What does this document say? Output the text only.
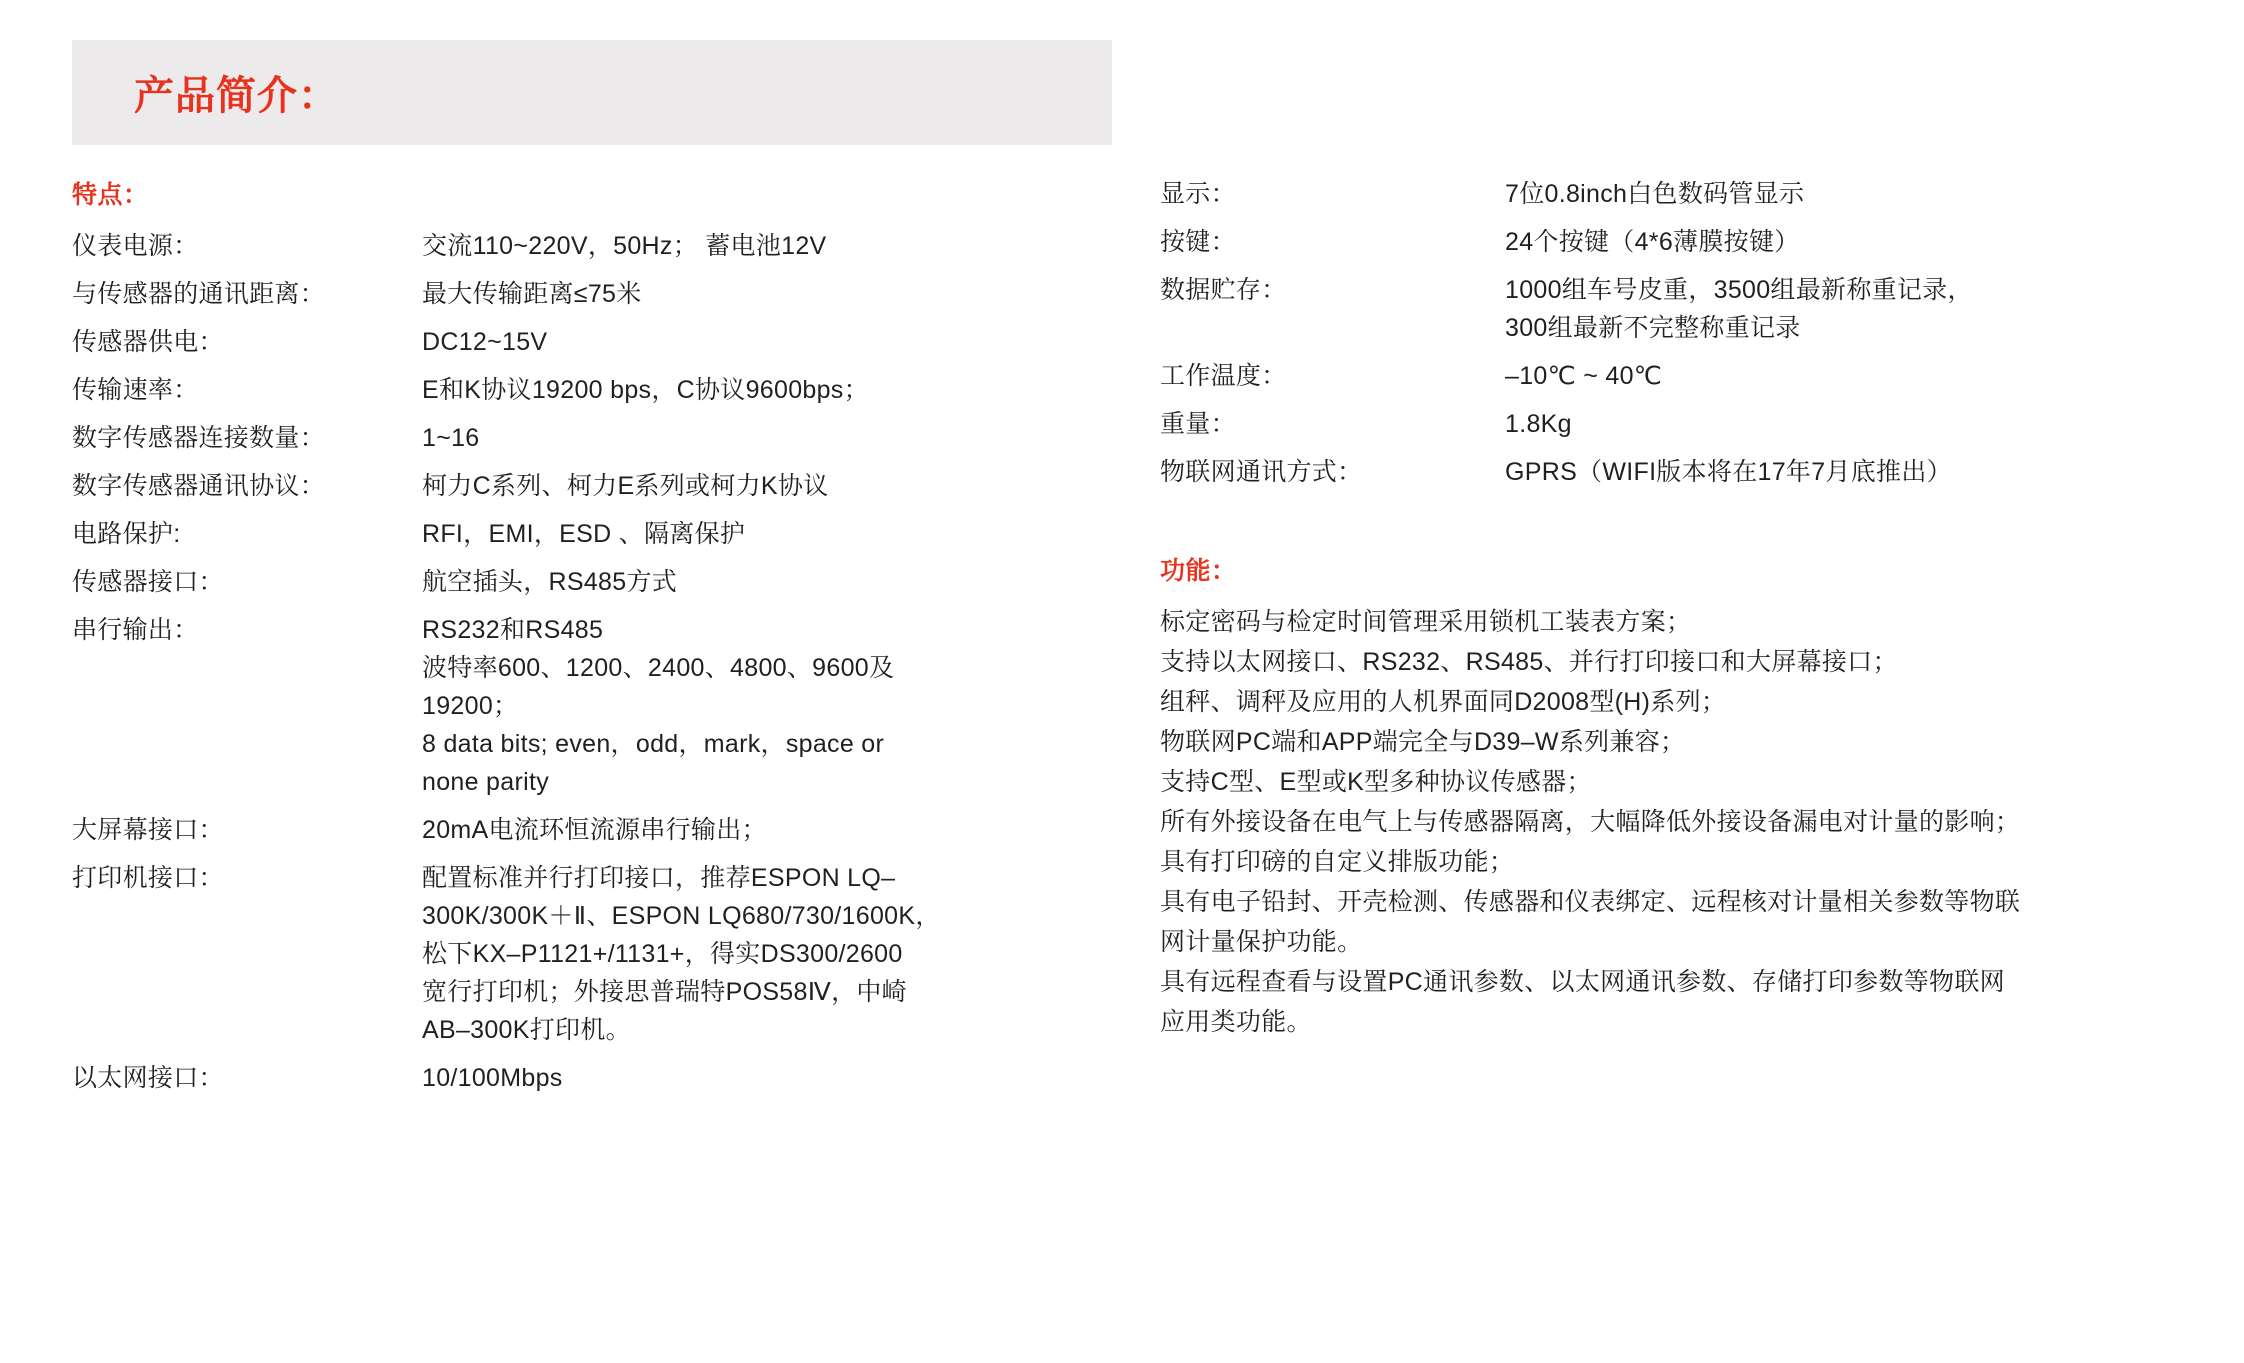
产品简介：
特点：
仪表电源：	交流110~220V，50Hz； 蓄电池12V
与传感器的通讯距离：	最大传输距离≤75米
传感器供电：	DC12~15V
传输速率：	E和K协议19200 bps，C协议9600bps；
数字传感器连接数量：	1~16
数字传感器通讯协议：	柯力C系列、柯力E系列或柯力K协议
电路保护:	RFI，EMI，ESD 、隔离保护
传感器接口：	航空插头，RS485方式
串行输出：	RS232和RS485
波特率600、1200、2400、4800、9600及
19200；
8 data bits; even，odd，mark，space or
none parity
大屏幕接口：	20mA电流环恒流源串行输出；
打印机接口：	配置标准并行打印接口，推荐ESPON LQ–
300K/300K＋Ⅱ、ESPON LQ680/730/1600K，
松下KX–P1121+/1131+，得实DS300/2600
宽行打印机；外接思普瑞特POS58Ⅳ，中崎
AB–300K打印机。
以太网接口：	10/100Mbps
显示：	7位0.8inch白色数码管显示
按键：	24个按键（4*6薄膜按键）
数据贮存：	1000组车号皮重，3500组最新称重记录，
300组最新不完整称重记录
工作温度：	–10℃ ~ 40℃
重量：	1.8Kg
物联网通讯方式：	GPRS（WIFI版本将在17年7月底推出）
功能：
标定密码与检定时间管理采用锁机工装表方案；
支持以太网接口、RS232、RS485、并行打印接口和大屏幕接口；
组秤、调秤及应用的人机界面同D2008型(H)系列；
物联网PC端和APP端完全与D39–W系列兼容；
支持C型、E型或K型多种协议传感器；
所有外接设备在电气上与传感器隔离，大幅降低外接设备漏电对计量的影响；
具有打印磅的自定义排版功能；
具有电子铅封、开壳检测、传感器和仪表绑定、远程核对计量相关参数等物联
网计量保护功能。
具有远程查看与设置PC通讯参数、以太网通讯参数、存储打印参数等物联网
应用类功能。
